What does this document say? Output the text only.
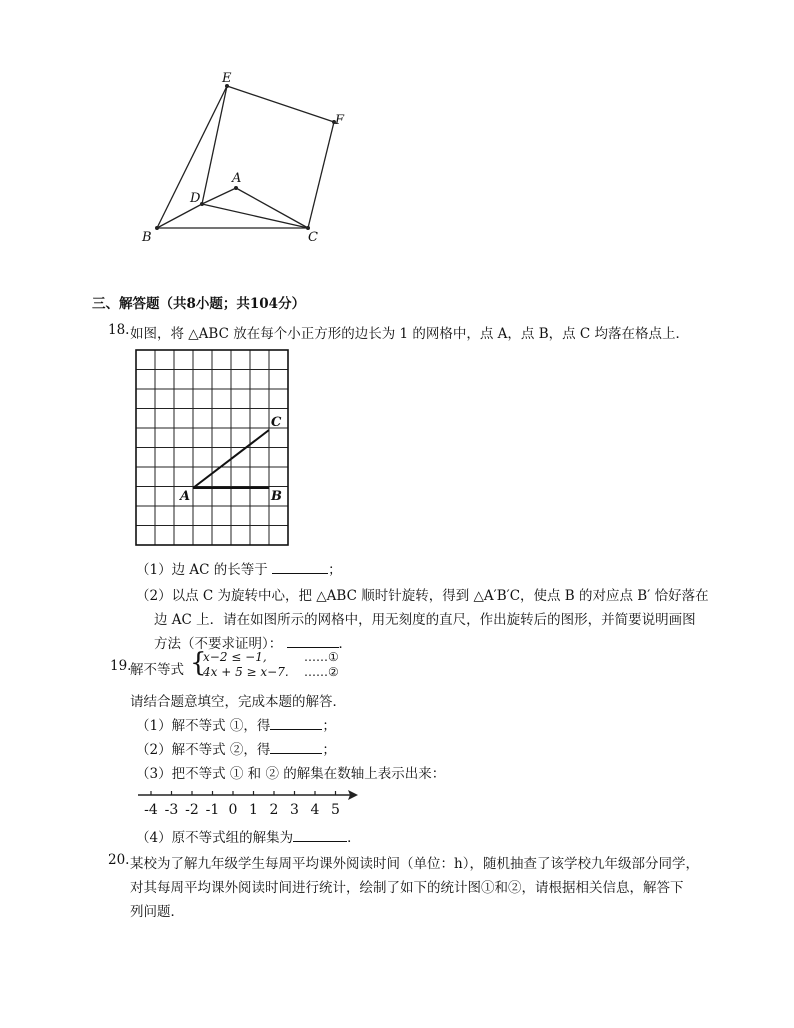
E
F
A
D
B	C
三、解答题（共8小题；共104分）
18. 如图，将 △ABC 放在每个小正方形的边长为 1 的网格中，点 A，点 B，点 C 均落在格点上．
A	B
C
（1）边 AC 的长等于	；
（2）以点 C 为旋转中心，把 △ABC 顺时针旋转，得到 △A′B′C，使点 B 的对应点 B′ 恰好落在
边 AC 上．请在如图所示的网格中，用无刻度的直尺，作出旋转后的图形，并简要说明画图
方法（不要求证明）：	．
19.
解不等式 {
x−2 ≤ −1,
4x + 5 ≥ x−7.
……①
……②
请结合题意填空，完成本题的解答．
（1）解不等式 ①，得	；
（2）解不等式 ②，得	；
（3）把不等式 ① 和 ② 的解集在数轴上表示出来：
-4 -3 -2 -1 0 1 2 3 4 5
（4）原不等式组的解集为	．
20. 某校为了解九年级学生每周平均课外阅读时间（单位：h），随机抽查了该学校九年级部分同学，
对其每周平均课外阅读时间进行统计，绘制了如下的统计图①和②，请根据相关信息，解答下
列问题．
